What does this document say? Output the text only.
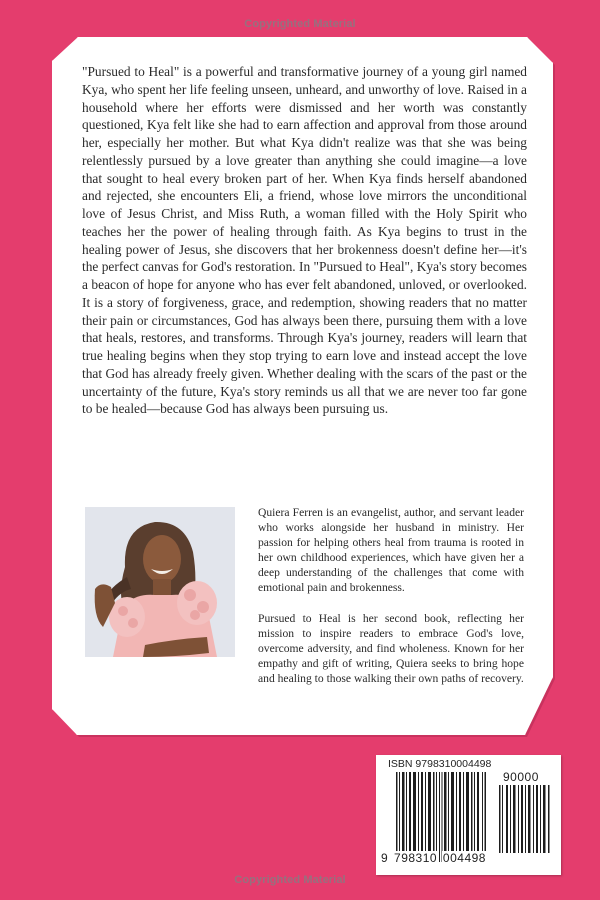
Copyrighted Material

"Pursued to Heal" is a powerful and transformative journey of a young girl named Kya, who spent her life feeling unseen, unheard, and unworthy of love. Raised in a household where her efforts were dismissed and her worth was constantly questioned, Kya felt like she had to earn affection and approval from those around her, especially her mother. But what Kya didn't realize was that she was being relentlessly pursued by a love greater than anything she could imagine—a love that sought to heal every broken part of her. When Kya finds herself abandoned and rejected, she encounters Eli, a friend, whose love mirrors the unconditional love of Jesus Christ, and Miss Ruth, a woman filled with the Holy Spirit who teaches her the power of healing through faith. As Kya begins to trust in the healing power of Jesus, she discovers that her brokenness doesn't define her—it's the perfect canvas for God's restoration. In "Pursued to Heal", Kya's story becomes a beacon of hope for anyone who has ever felt abandoned, unloved, or overlooked. It is a story of forgiveness, grace, and redemption, showing readers that no matter their pain or circumstances, God has always been there, pursuing them with a love that heals, restores, and transforms. Through Kya's journey, readers will learn that true healing begins when they stop trying to earn love and instead accept the love that God has already freely given. Whether dealing with the scars of the past or the uncertainty of the future, Kya's story reminds us all that we are never too far gone to be healed—because God has always been pursuing us.

Quiera Ferren is an evangelist, author, and servant leader who works alongside her husband in ministry. Her passion for helping others heal from trauma is rooted in her own childhood experiences, which have given her a deep understanding of the challenges that come with emotional pain and brokenness.

Pursued to Heal is her second book, reflecting her mission to inspire readers to embrace God's love, overcome adversity, and find wholeness. Known for her empathy and gift of writing, Quiera seeks to bring hope and healing to those walking their own paths of recovery.

ISBN 9798310004498
90000
9 798310 004498
Copyrighted Material
